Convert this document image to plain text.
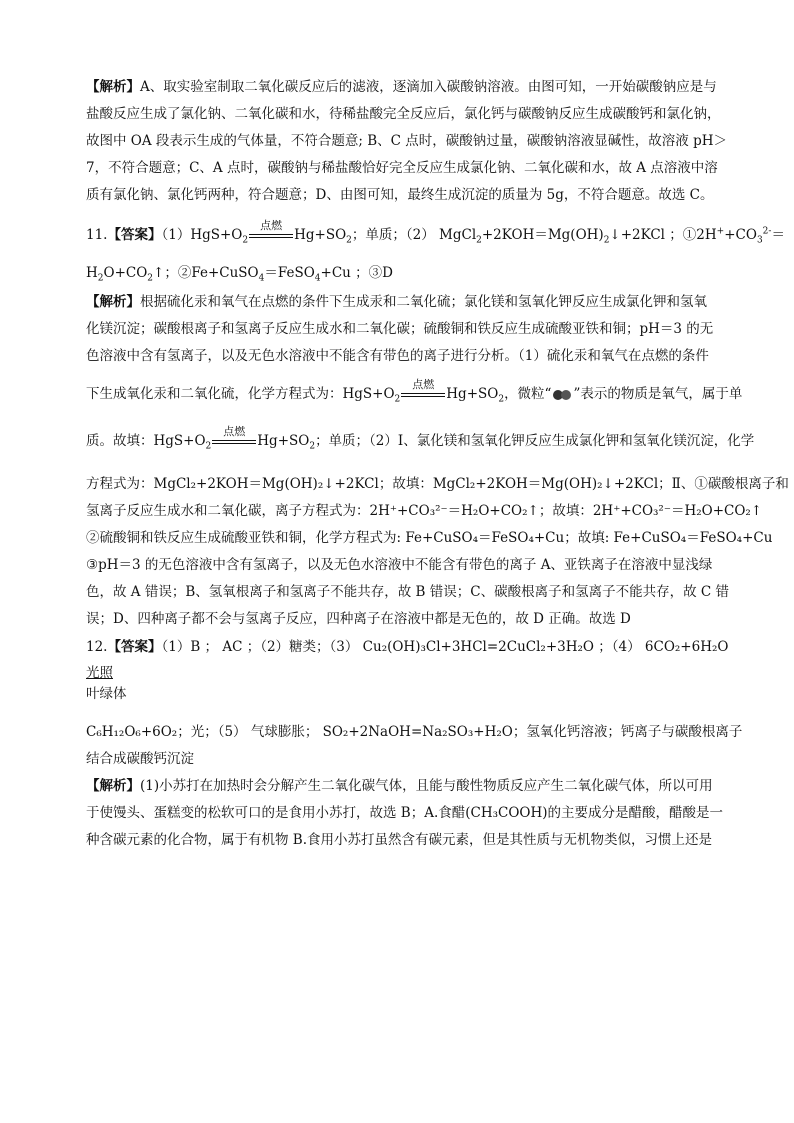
【解析】A、取实验室制取二氧化碳反应后的滤液，逐滴加入碳酸钠溶液。由图可知，一开始碳酸钠应是与
盐酸反应生成了氯化钠、二氧化碳和水，待稀盐酸完全反应后，氯化钙与碳酸钠反应生成碳酸钙和氯化钠，
故图中 OA 段表示生成的气体量，不符合题意; B、C 点时，碳酸钠过量，碳酸钠溶液显碱性，故溶液 pH＞
7，不符合题意；C、A 点时，碳酸钠与稀盐酸恰好完全反应生成氯化钠、二氧化碳和水，故 A 点溶液中溶
质有氯化钠、氯化钙两种，符合题意；D、由图可知，最终生成沉淀的质量为 5g，不符合题意。故选 C。
11.【答案】$(1)HgS+O_2$
点燃
$Hg+SO_2$；单质；（2） $MgCl_2+2KOH=Mg(OH)_2↓+2KCl$ ；$①2H^++CO_3^{2-}=$
$H_2O+CO_2↑$；②Fe+CuSO$_4$＝FeSO$_4$+Cu ；③D
【解析】根据硫化汞和氧气在点燃的条件下生成汞和二氧化硫；氯化镁和氢氧化钾反应生成氯化钾和氢氧
化镁沉淀；碳酸根离子和氢离子反应生成水和二氧化碳；硫酸铜和铁反应生成硫酸亚铁和铜；pH＝3 的无
色溶液中含有氢离子，以及无色水溶液中不能含有带色的离子进行分析。（1）硫化汞和氧气在点燃的条件
下生成氧化汞和二氧化硫，化学方程式为：$HgS+O_2$
点燃
$Hg+SO_2$，微粒“ ”表示的物质是氧气，属于单
质。故填：$HgS+O_2$
点燃
$Hg+SO_2$；单质；（2）Ⅰ、氯化镁和氢氧化钾反应生成氯化钾和氢氧化镁沉淀，化学
方程式为：MgCl₂+2KOH＝Mg(OH)₂↓+2KCl；故填：MgCl₂+2KOH＝Mg(OH)₂↓+2KCl；Ⅱ、①碳酸根离子和
氢离子反应生成水和二氧化碳，离子方程式为：2H⁺+CO₃²⁻＝H₂O+CO₂↑；故填：2H⁺+CO₃²⁻＝H₂O+CO₂↑
②硫酸铜和铁反应生成硫酸亚铁和铜，化学方程式为: Fe+CuSO₄＝FeSO₄+Cu；故填: Fe+CuSO₄＝FeSO₄+Cu
③pH＝3 的无色溶液中含有氢离子，以及无色水溶液中不能含有带色的离子 A、亚铁离子在溶液中显浅绿
色，故 A 错误；B、氢氧根离子和氢离子不能共存，故 B 错误；C、碳酸根离子和氢离子不能共存，故 C 错
误；D、四种离子都不会与氢离子反应，四种离子在溶液中都是无色的，故 D 正确。故选 D
12.【答案】（1）B ； AC ；（2）糖类；（3） Cu₂(OH)₃Cl+3HCl=2CuCl₂+3H₂O ；（4） 6CO₂+6H₂O
光照
叶绿体
C₆H₁₂O₆+6O₂；光；（5） 气球膨胀； SO₂+2NaOH=Na₂SO₃+H₂O；氢氧化钙溶液；钙离子与碳酸根离子
结合成碳酸钙沉淀
【解析】(1)小苏打在加热时会分解产生二氧化碳气体，且能与酸性物质反应产生二氧化碳气体，所以可用
于使馒头、蛋糕变的松软可口的是食用小苏打，故选 B；A.食醋(CH₃COOH)的主要成分是醋酸，醋酸是一
种含碳元素的化合物，属于有机物 B.食用小苏打虽然含有碳元素，但是其性质与无机物类似，习惯上还是
